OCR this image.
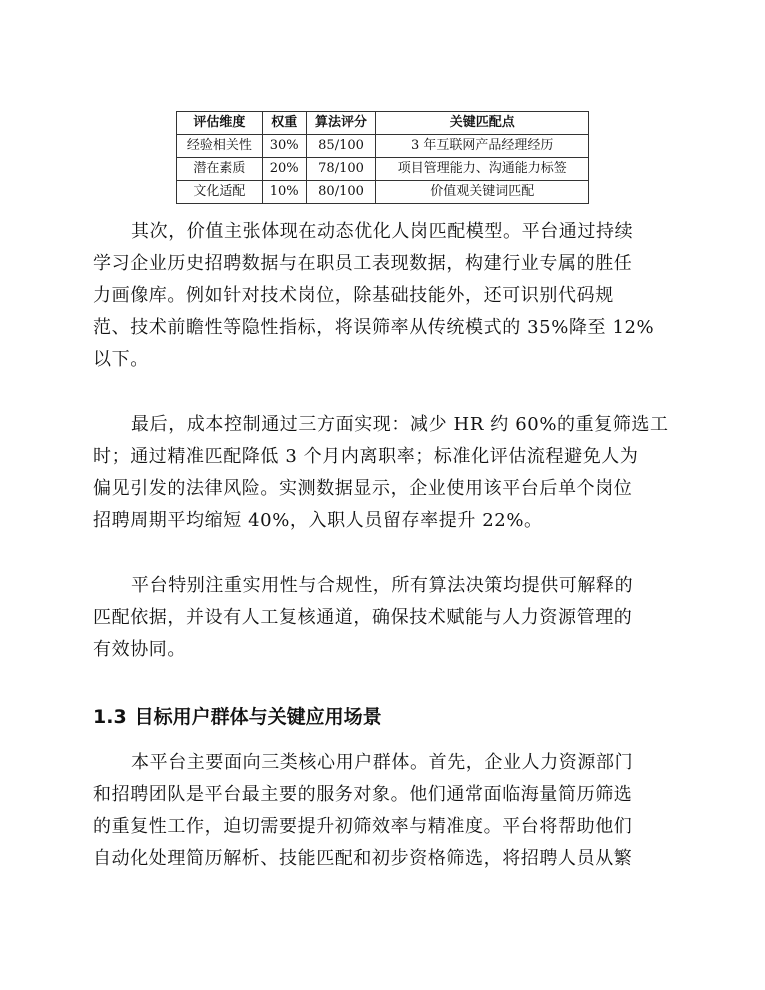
评估维度	权重	算法评分	关键匹配点
经验相关性	30%	85/100	3 年互联网产品经理经历
潜在素质	20%	78/100	项目管理能力、沟通能力标签
文化适配	10%	80/100	价值观关键词匹配
其次，价值主张体现在动态优化人岗匹配模型。平台通过持续
学习企业历史招聘数据与在职员工表现数据，构建行业专属的胜任
力画像库。例如针对技术岗位，除基础技能外，还可识别代码规
范、技术前瞻性等隐性指标，将误筛率从传统模式的 35%降至 12%
以下。
最后，成本控制通过三方面实现：减少 HR 约 60%的重复筛选工
时；通过精准匹配降低 3 个月内离职率；标准化评估流程避免人为
偏见引发的法律风险。实测数据显示，企业使用该平台后单个岗位
招聘周期平均缩短 40%，入职人员留存率提升 22%。
平台特别注重实用性与合规性，所有算法决策均提供可解释的
匹配依据，并设有人工复核通道，确保技术赋能与人力资源管理的
有效协同。
1.3 目标用户群体与关键应用场景
本平台主要面向三类核心用户群体。首先，企业人力资源部门
和招聘团队是平台最主要的服务对象。他们通常面临海量简历筛选
的重复性工作，迫切需要提升初筛效率与精准度。平台将帮助他们
自动化处理简历解析、技能匹配和初步资格筛选，将招聘人员从繁
